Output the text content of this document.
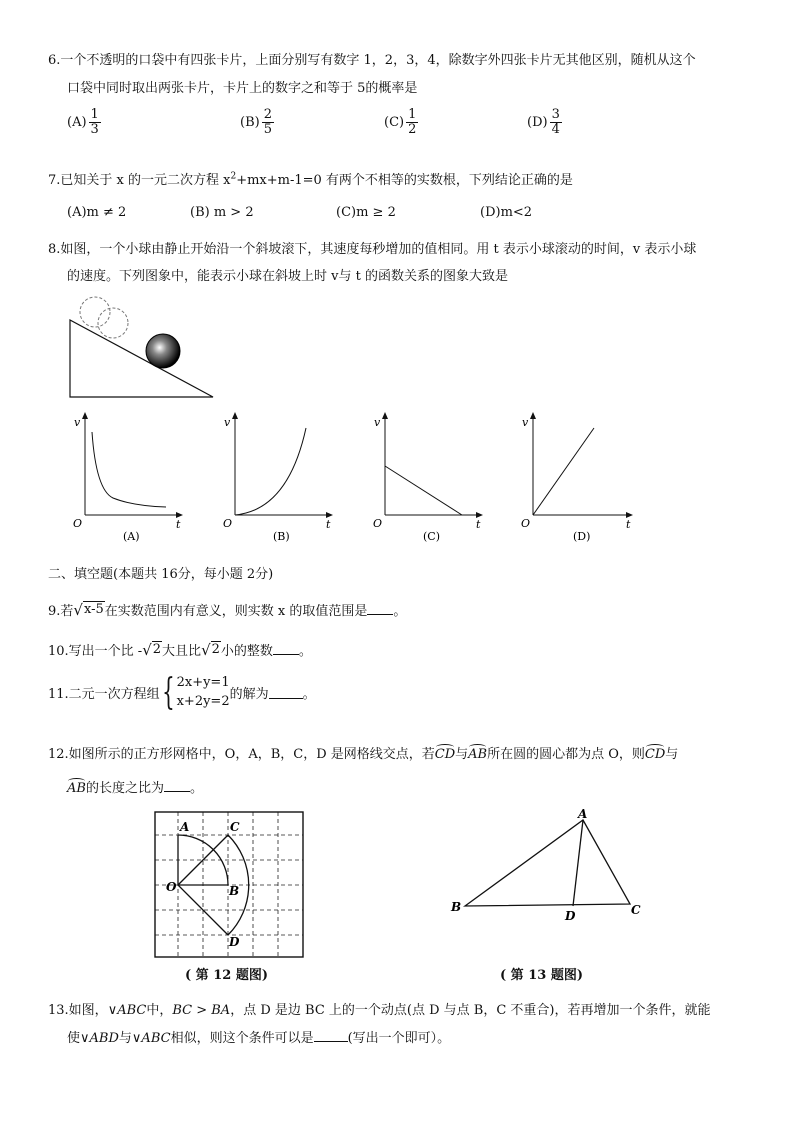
6.一个不透明的口袋中有四张卡片，上面分别写有数字 1，2，3，4，除数字外四张卡片无其他区别，随机从这个
口袋中同时取出两张卡片，卡片上的数字之和等于 5的概率是
$(A) \frac{1}{3}$	$(B) \frac{2}{5}$	$(C) \frac{1}{2}$	$(D) \frac{3}{4}$
7.已知关于 x 的一元二次方程 $x^2+mx+m-1=0$ 有两个不相等的实数根，下列结论正确的是
(A)m ≠ 2	(B) m > 2	(C)m ≥ 2	(D)m<2
8.如图，一个小球由静止开始沿一个斜坡滚下，其速度每秒增加的值相同。用 t 表示小球滚动的时间，v 表示小球
的速度。下列图象中，能表示小球在斜坡上时 v与 t 的函数关系的图象大致是
v
O	t
(A)
v
O	t
(B)
v
O	t
(C)
v
O	t
(D)
二、填空题(本题共 16分，每小题 2分)
9.若 √ x-5 在实数范围内有意义，则实数 x 的取值范围是 。
10.写出一个比 - √ 2 大且比 √ 2 小的整数 。
11.二元一次方程组 { 2x+y=1
x+2y=2 的解为	。
12.如图所示的正方形网格中，O，A，B，C，D 是网格线交点，若CD与AB所在圆的圆心都为点 O，则CD与
AB的长度之比为 。
A	C
O	B
D
( 第 12 题图)
A
B
D	C
( 第 13 题图)
13.如图，∨ABC中，BC > BA，点 D 是边 BC 上的一个动点(点 D 与点 B，C 不重合)，若再增加一个条件，就能
使∨ABD与∨ABC相似，则这个条件可以是	(写出一个即可）。
